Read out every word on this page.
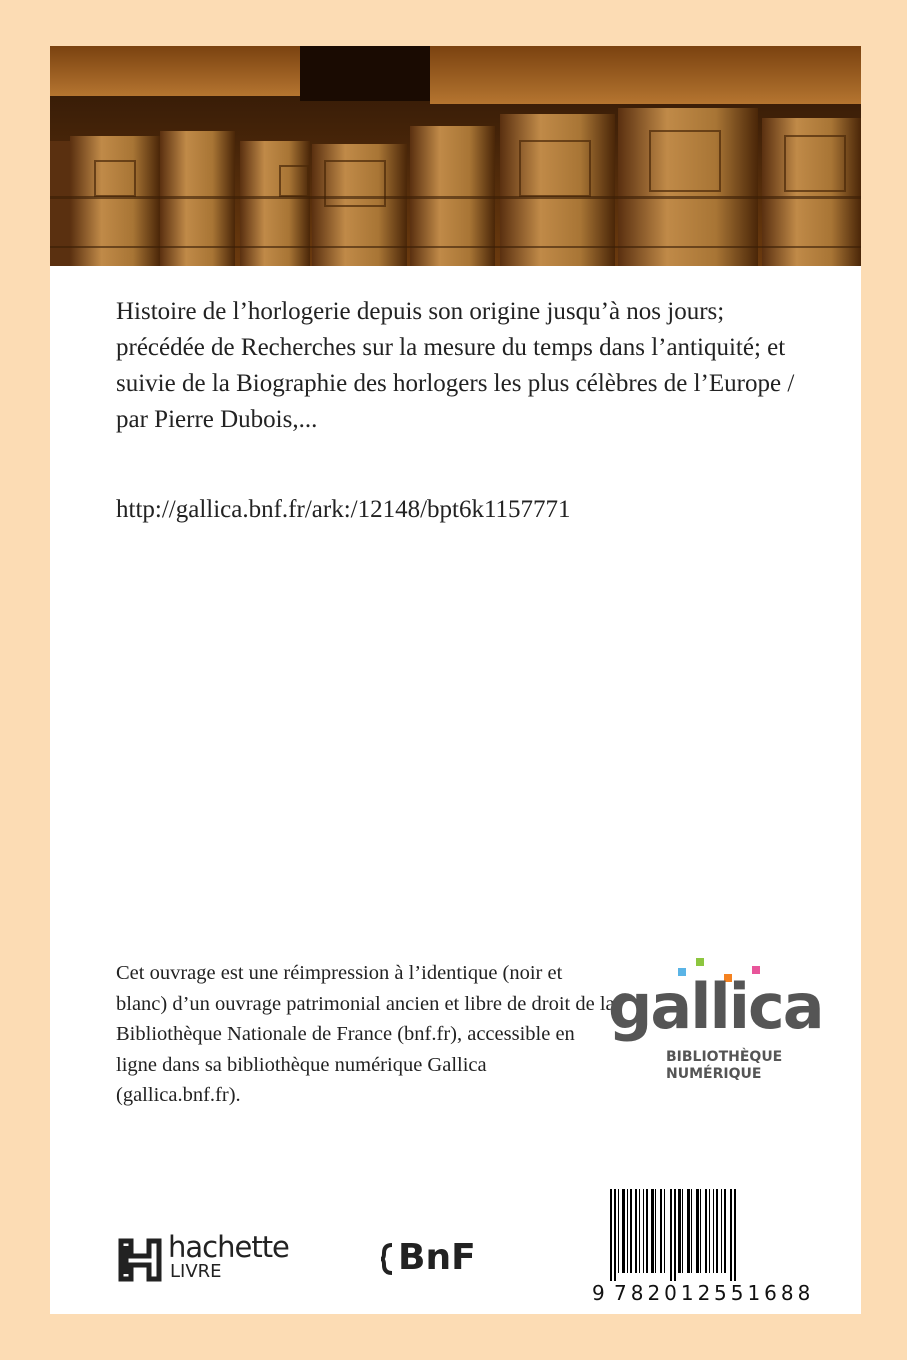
Histoire de l’horlogerie depuis son origine jusqu’à nos jours; précédée de Recherches sur la mesure du temps dans l’antiquité; et suivie de la Biographie des horlogers les plus célèbres de l’Europe / par Pierre Dubois,...

http://gallica.bnf.fr/ark:/12148/bpt6k1157771

Cet ouvrage est une réimpression à l’identique (noir et blanc) d’un ouvrage patrimonial ancien et libre de droit de la Bibliothèque Nationale de France (bnf.fr), accessible en ligne dans sa bibliothèque numérique Gallica (gallica.bnf.fr).

gallica

BIBLIOTHÈQUE
NUMÉRIQUE

hachette
LIVRE	BnF
9 782012 551688
